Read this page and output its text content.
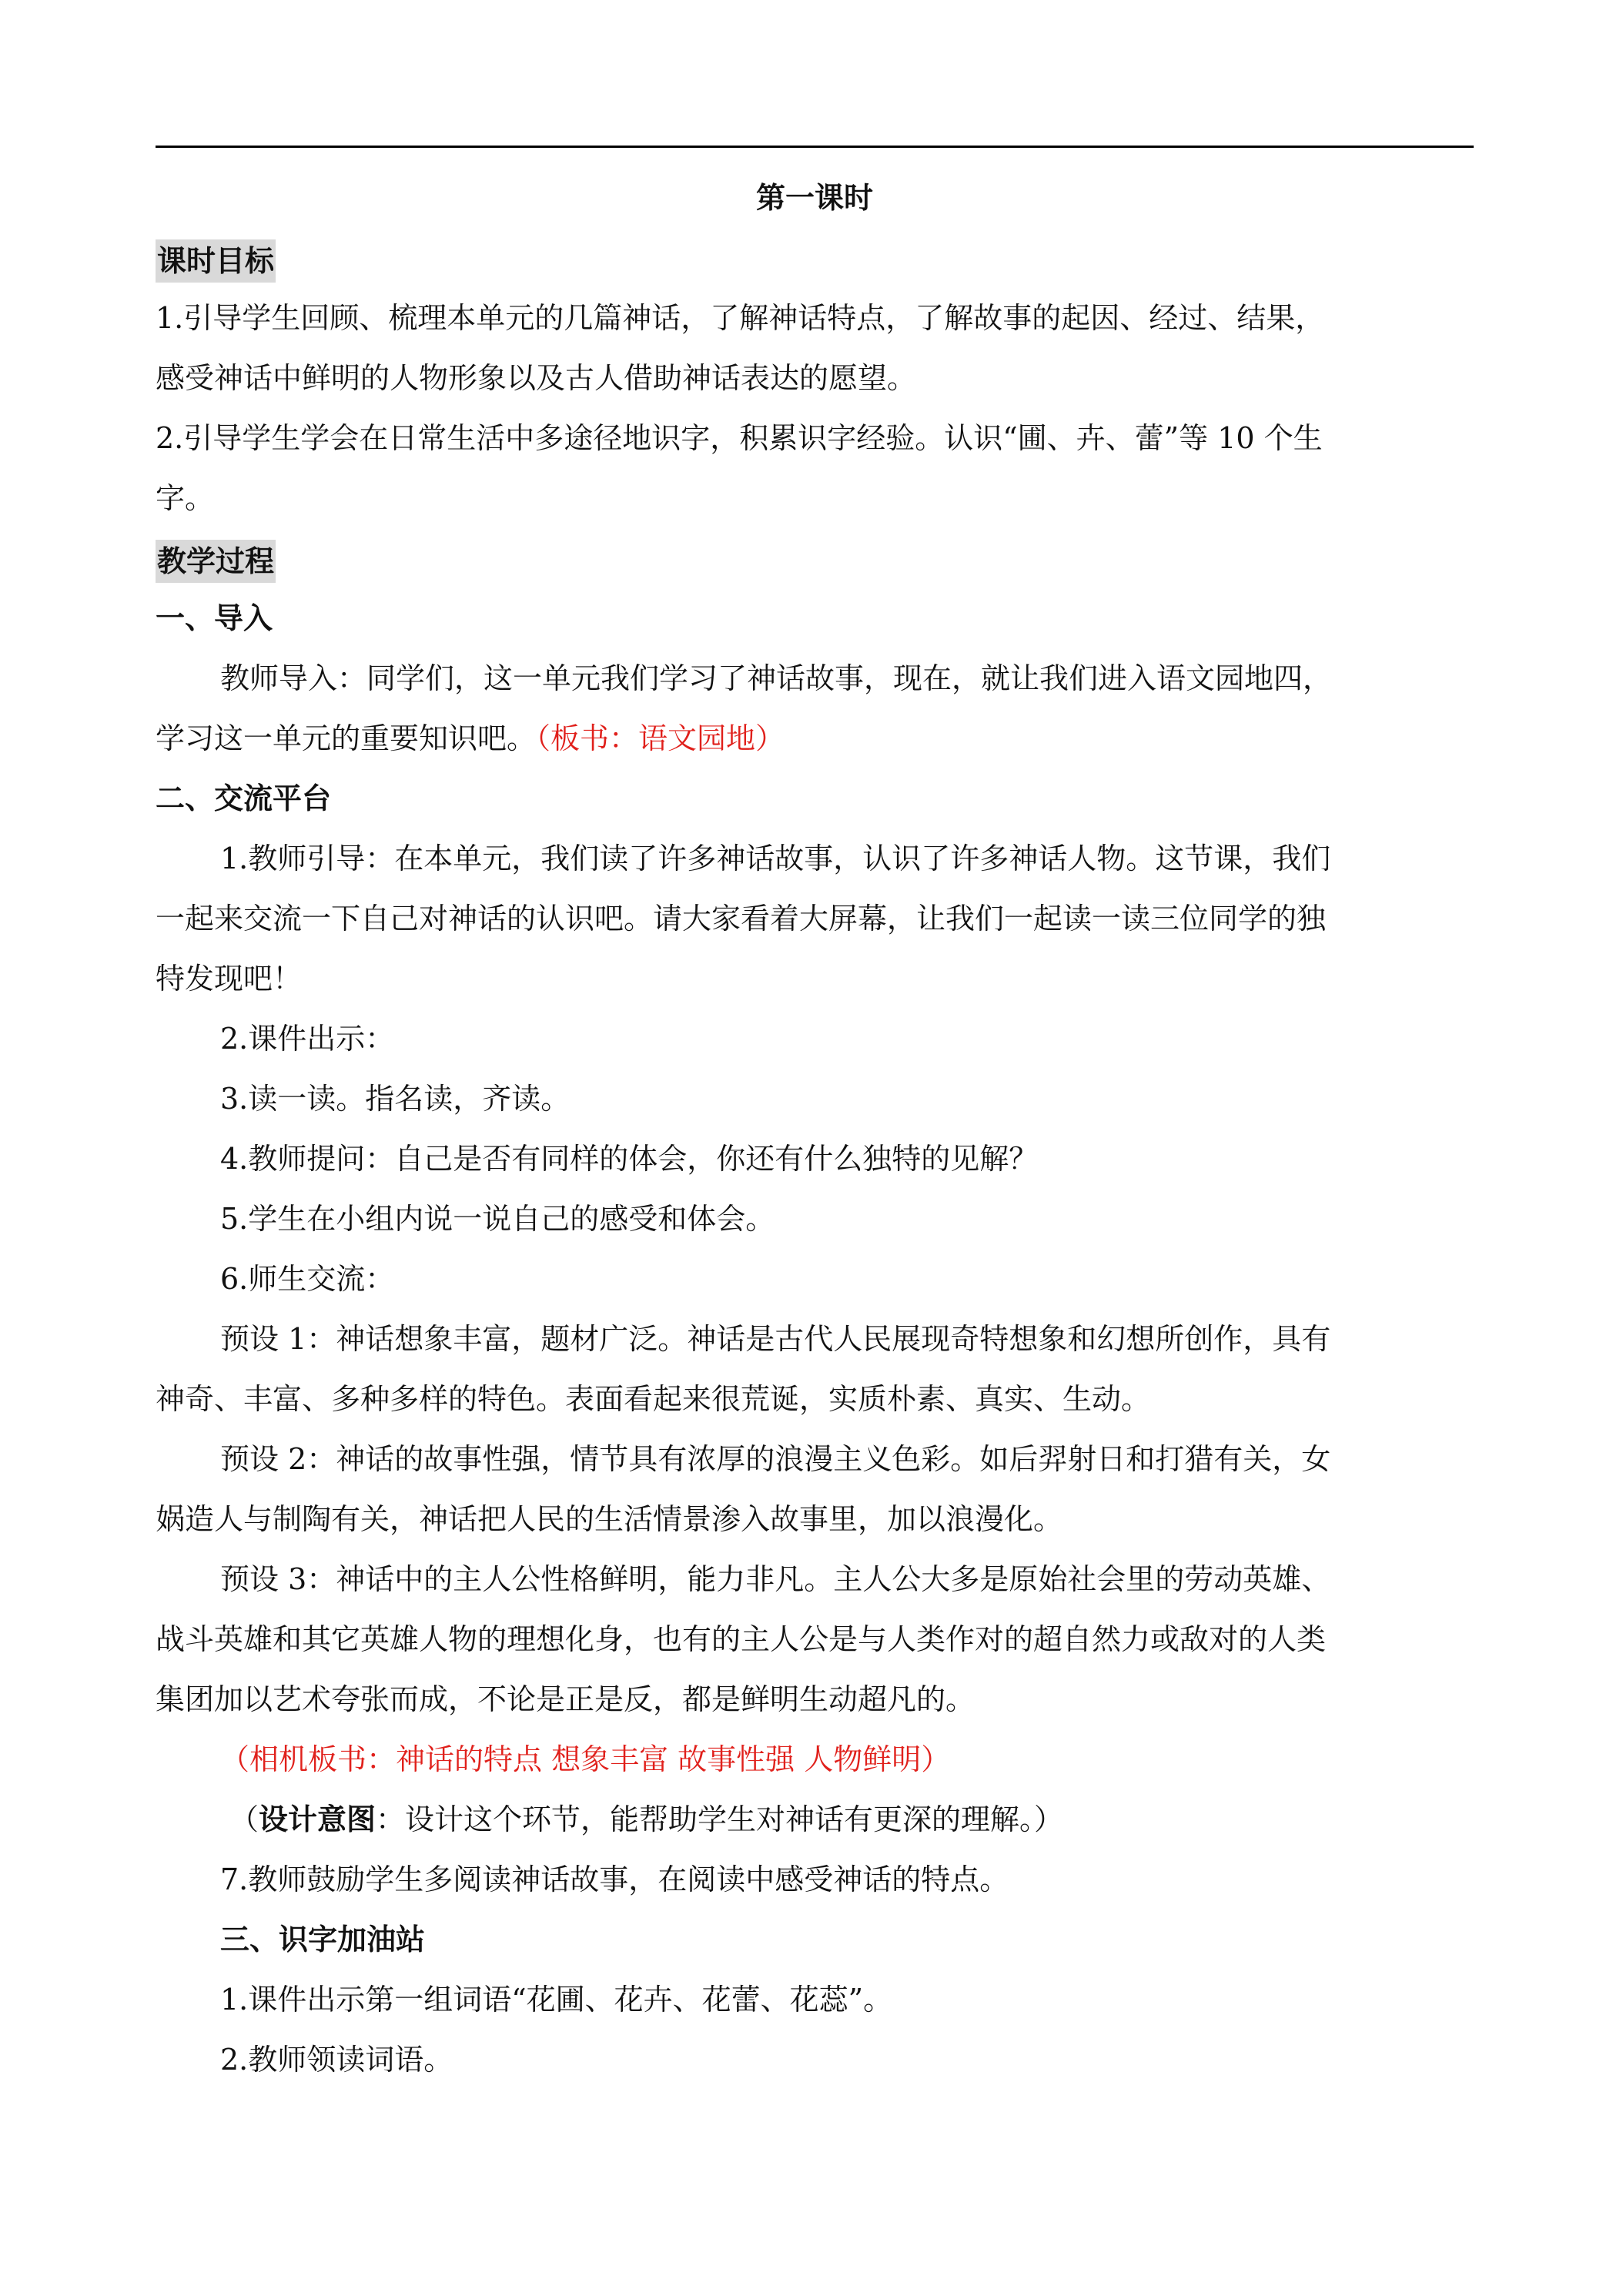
第一课时
课时目标
1.引导学生回顾、梳理本单元的几篇神话，了解神话特点，了解故事的起因、经过、结果，
感受神话中鲜明的人物形象以及古人借助神话表达的愿望。
2.引导学生学会在日常生活中多途径地识字，积累识字经验。认识“圃、卉、蕾”等 10 个生
字。
教学过程
一、导入
教师导入：同学们，这一单元我们学习了神话故事，现在，就让我们进入语文园地四，
学习这一单元的重要知识吧。（板书：语文园地）
二、交流平台
1.教师引导：在本单元，我们读了许多神话故事，认识了许多神话人物。这节课，我们
一起来交流一下自己对神话的认识吧。请大家看着大屏幕，让我们一起读一读三位同学的独
特发现吧！
2.课件出示：
3.读一读。指名读，齐读。
4.教师提问：自己是否有同样的体会，你还有什么独特的见解？
5.学生在小组内说一说自己的感受和体会。
6.师生交流：
预设 1：神话想象丰富，题材广泛。神话是古代人民展现奇特想象和幻想所创作，具有
神奇、丰富、多种多样的特色。表面看起来很荒诞，实质朴素、真实、生动。
预设 2：神话的故事性强，情节具有浓厚的浪漫主义色彩。如后羿射日和打猎有关，女
娲造人与制陶有关，神话把人民的生活情景渗入故事里，加以浪漫化。
预设 3：神话中的主人公性格鲜明，能力非凡。主人公大多是原始社会里的劳动英雄、
战斗英雄和其它英雄人物的理想化身，也有的主人公是与人类作对的超自然力或敌对的人类
集团加以艺术夸张而成，不论是正是反，都是鲜明生动超凡的。
（相机板书：神话的特点 想象丰富 故事性强 人物鲜明）
（设计意图：设计这个环节，能帮助学生对神话有更深的理解。）
7.教师鼓励学生多阅读神话故事，在阅读中感受神话的特点。
三、识字加油站
1.课件出示第一组词语“花圃、花卉、花蕾、花蕊”。
2.教师领读词语。
